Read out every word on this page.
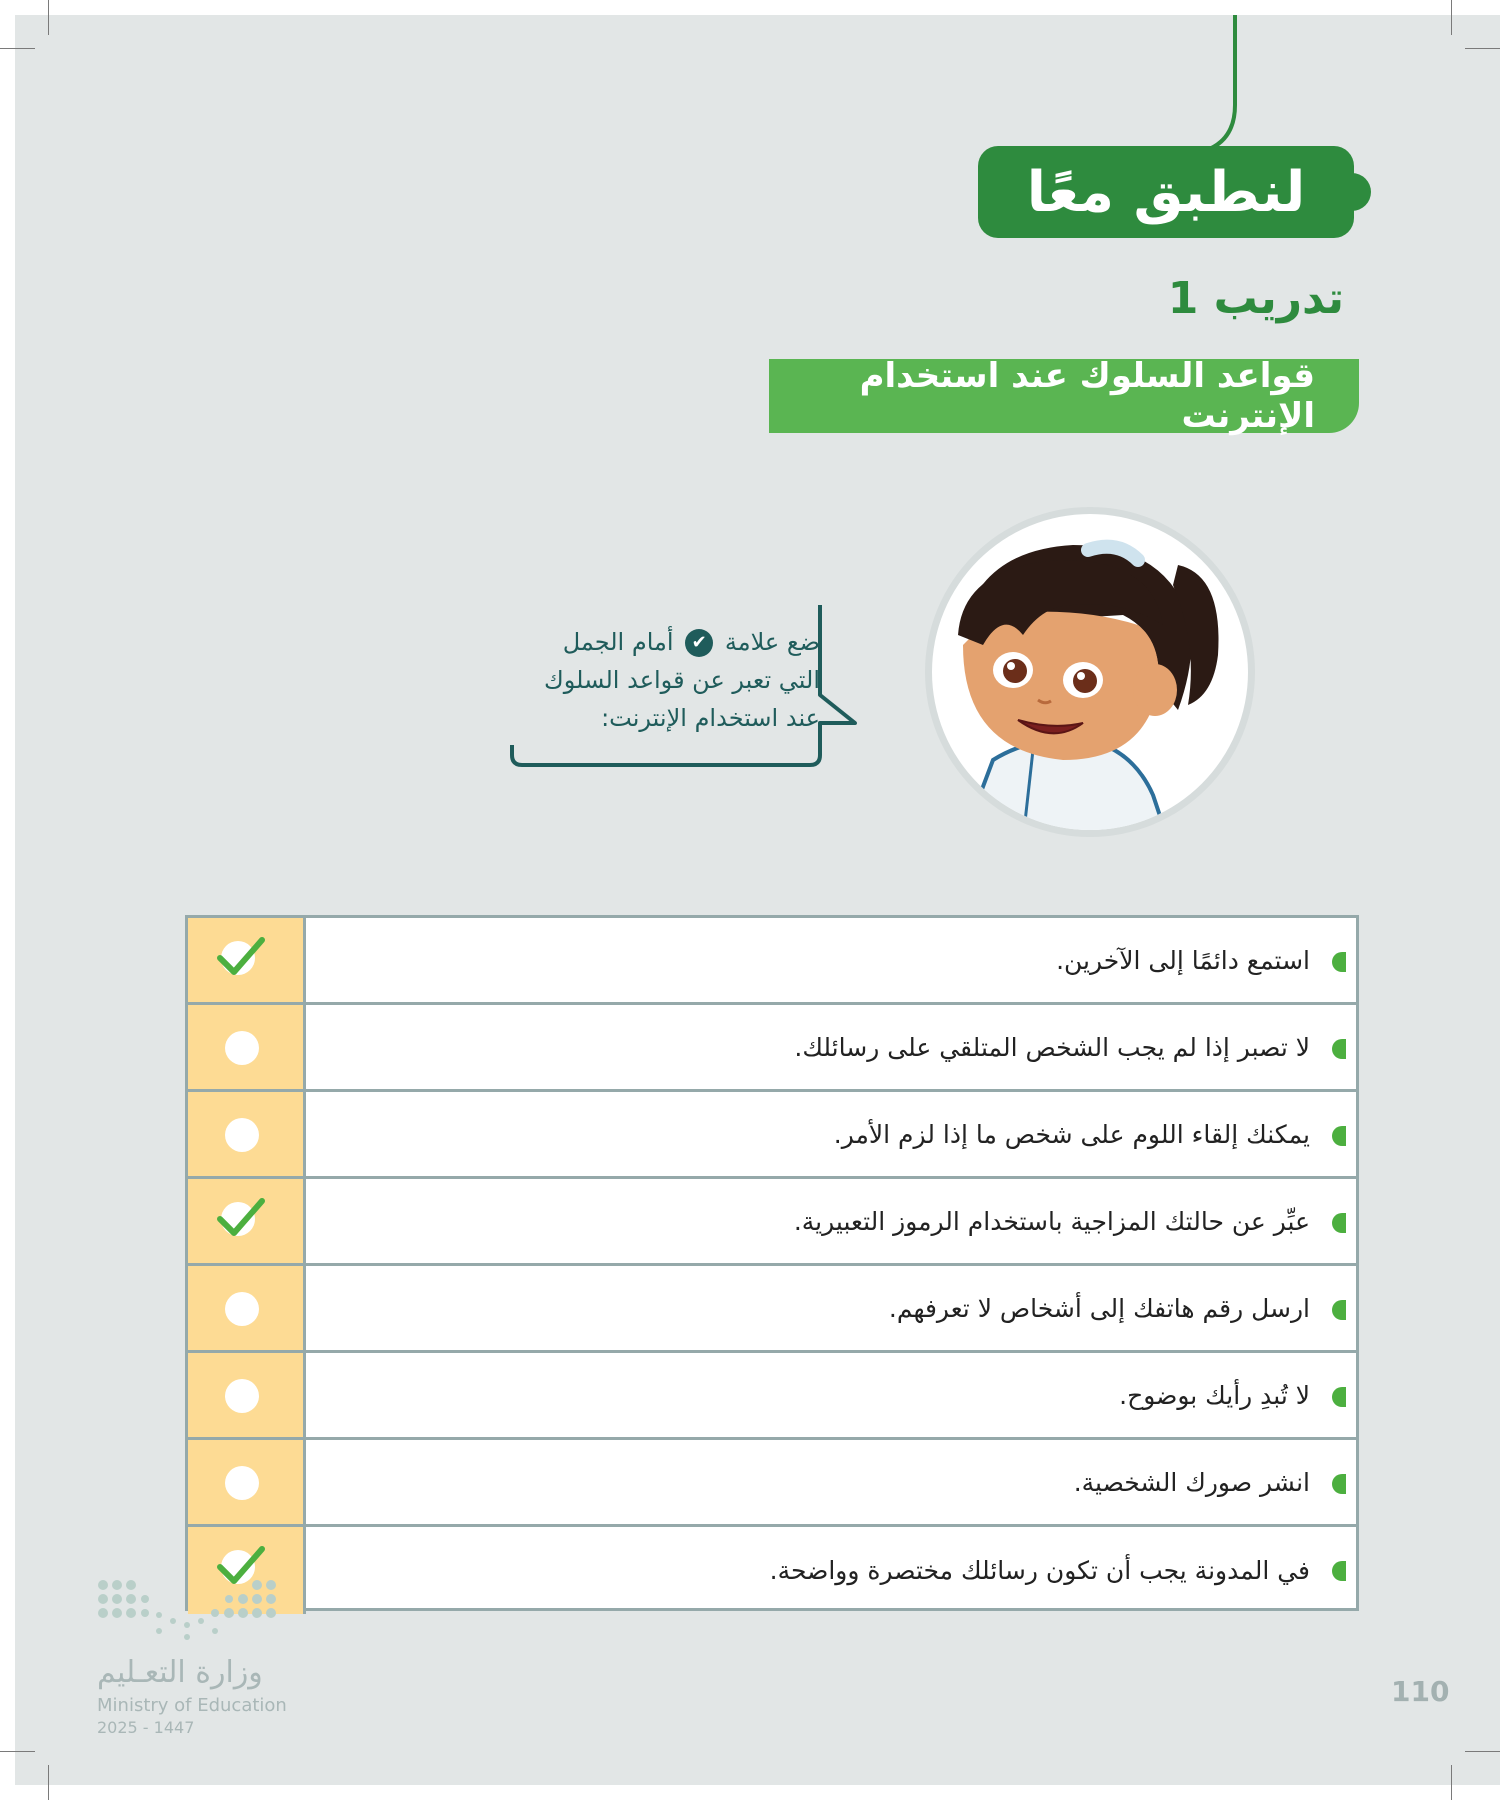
لنطبق معًا
تدريب 1
قواعد السلوك عند استخدام الإنترنت
ضع علامة ✔ أمام الجمل
التي تعبر عن قواعد السلوك
عند استخدام الإنترنت:
استمع دائمًا إلى الآخرين.
لا تصبر إذا لم يجب الشخص المتلقي على رسائلك.
يمكنك إلقاء اللوم على شخص ما إذا لزم الأمر.
عبِّر عن حالتك المزاجية باستخدام الرموز التعبيرية.
ارسل رقم هاتفك إلى أشخاص لا تعرفهم.
لا تُبدِ رأيك بوضوح.
انشر صورك الشخصية.
في المدونة يجب أن تكون رسائلك مختصرة وواضحة.
وزارة التعـليم
Ministry of Education
2025 - 1447
110
